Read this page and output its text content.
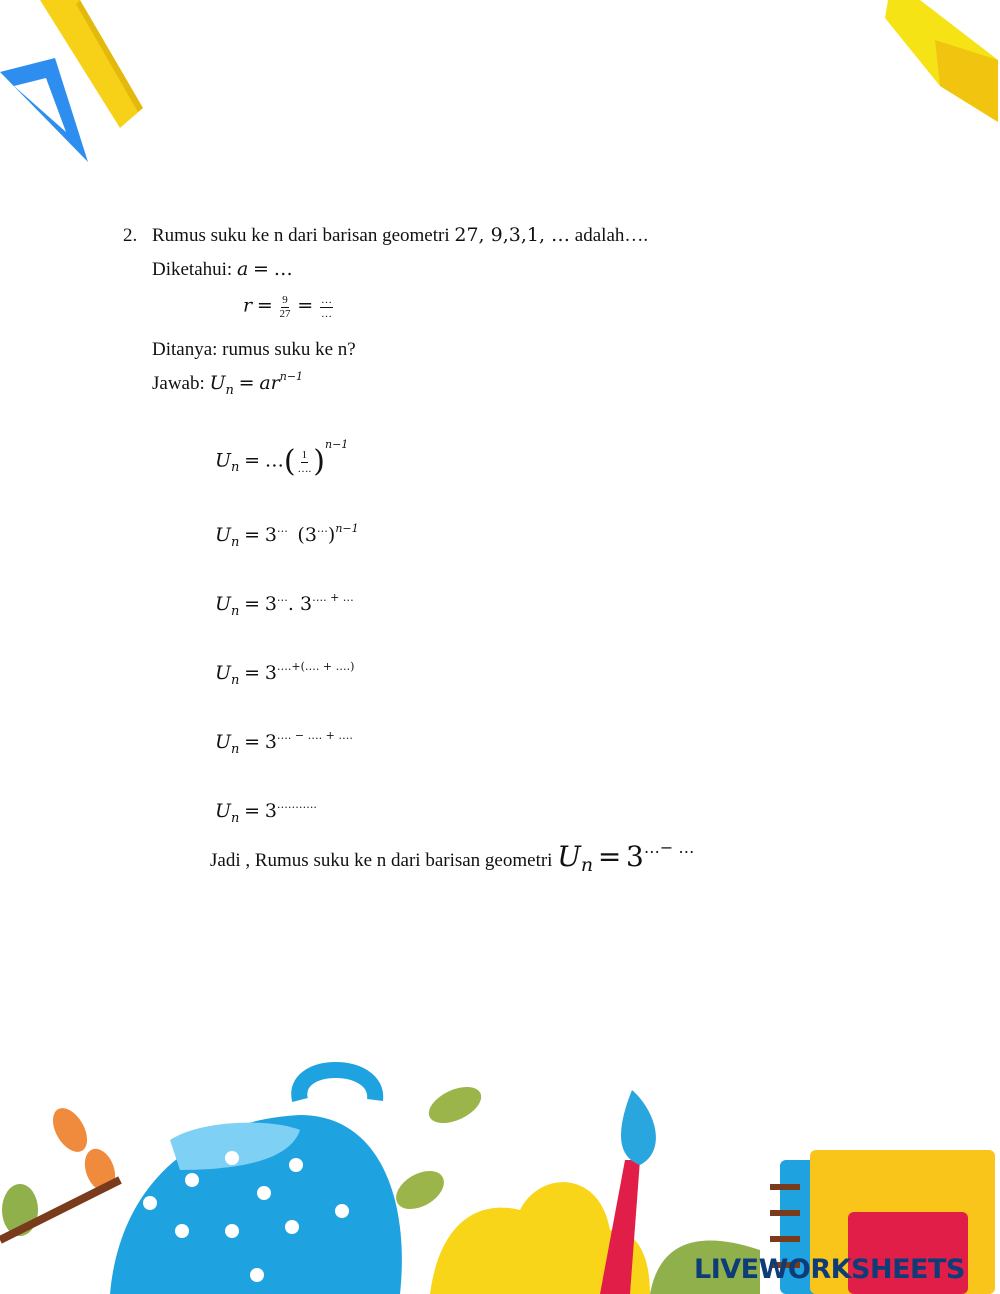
2. Rumus suku ke n dari barisan geometri 27, 9,3,1, … adalah….
Diketahui: a = …
$r = \frac{9}{27} = \frac{\dots}{\dots}$
Ditanya: rumus suku ke n?
Jawab: $U_n = ar^{n-1}$
$U_n$ = …( $\frac{1}{\dots.} )^{n-1}$
$U_n = 3^\dots$ $(3^\dots)^{n-1}$
$U_n = 3^\dots$. 3…. + …
$U_n = 3^{\dots.+(\dots. + \dots.)}$
$U_n = 3^{\dots. - \dots. + \dots.}$
$U_n = 3^{\dots\dots\dots..}$
Jadi , Rumus suku ke n dari barisan geometri Un = 3…− …
LIVEWORKSHEETS
